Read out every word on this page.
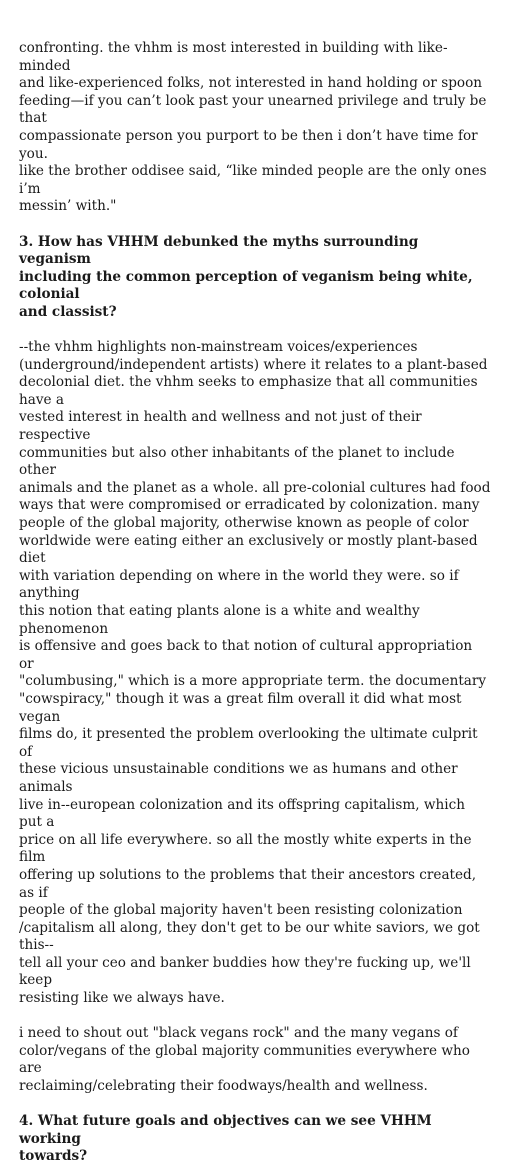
confronting. the vhhm is most interested in building with like-minded
and like-experienced folks, not interested in hand holding or spoon
feeding—if you can’t look past your unearned privilege and truly be that
compassionate person you purport to be then i don’t have time for you.
like the brother oddisee said, “like minded people are the only ones i’m
messin’ with."

3. How has VHHM debunked the myths surrounding veganism
including the common perception of veganism being white, colonial
and classist?

--the vhhm highlights non-mainstream voices/experiences
(underground/independent artists) where it relates to a plant-based
decolonial diet. the vhhm seeks to emphasize that all communities have a
vested interest in health and wellness and not just of their respective
communities but also other inhabitants of the planet to include other
animals and the planet as a whole. all pre-colonial cultures had food
ways that were compromised or erradicated by colonization. many
people of the global majority, otherwise known as people of color
worldwide were eating either an exclusively or mostly plant-based diet
with variation depending on where in the world they were. so if anything
this notion that eating plants alone is a white and wealthy phenomenon
is offensive and goes back to that notion of cultural appropriation or
"columbusing," which is a more appropriate term. the documentary
"cowspiracy," though it was a great film overall it did what most vegan
films do, it presented the problem overlooking the ultimate culprit of
these vicious unsustainable conditions we as humans and other animals
live in--european colonization and its offspring capitalism, which put a
price on all life everywhere. so all the mostly white experts in the film
offering up solutions to the problems that their ancestors created, as if
people of the global majority haven't been resisting colonization
/capitalism all along, they don't get to be our white saviors, we got this--
tell all your ceo and banker buddies how they're fucking up, we'll keep
resisting like we always have.

i need to shout out "black vegans rock" and the many vegans of
color/vegans of the global majority communities everywhere who are
reclaiming/celebrating their foodways/health and wellness.

4. What future goals and objectives can we see VHHM working
towards?
